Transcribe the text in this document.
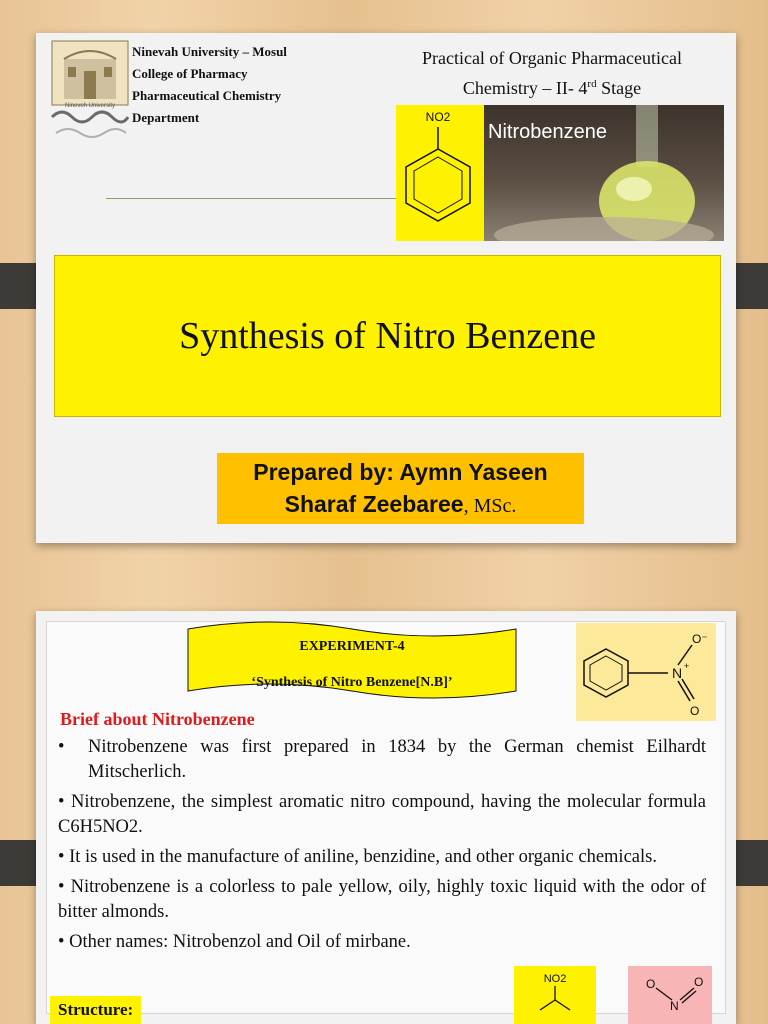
Nineveh University
Ninevah University – Mosul
College of Pharmacy
Pharmaceutical Chemistry
Department
Practical of Organic Pharmaceutical
Chemistry – II- 4rd Stage
NO2
Nitrobenzene
Synthesis of Nitro Benzene
Prepared by: Aymn Yaseen
Sharaf Zeebaree, MSc.
EXPERIMENT-4
‘Synthesis of Nitro Benzene[N.B]’
N +
O⁻
O
Brief about Nitrobenzene

• Nitrobenzene was first prepared in 1834 by the German chemist Eilhardt Mitscherlich.

• Nitrobenzene, the simplest aromatic nitro compound, having the molecular formula C6H5NO2.

• It is used in the manufacture of aniline, benzidine, and other organic chemicals.

• Nitrobenzene is a colorless to pale yellow, oily, highly toxic liquid with the odor of bitter almonds.

• Other names: Nitrobenzol and Oil of mirbane.

Structure:
NO2	O
N
O
